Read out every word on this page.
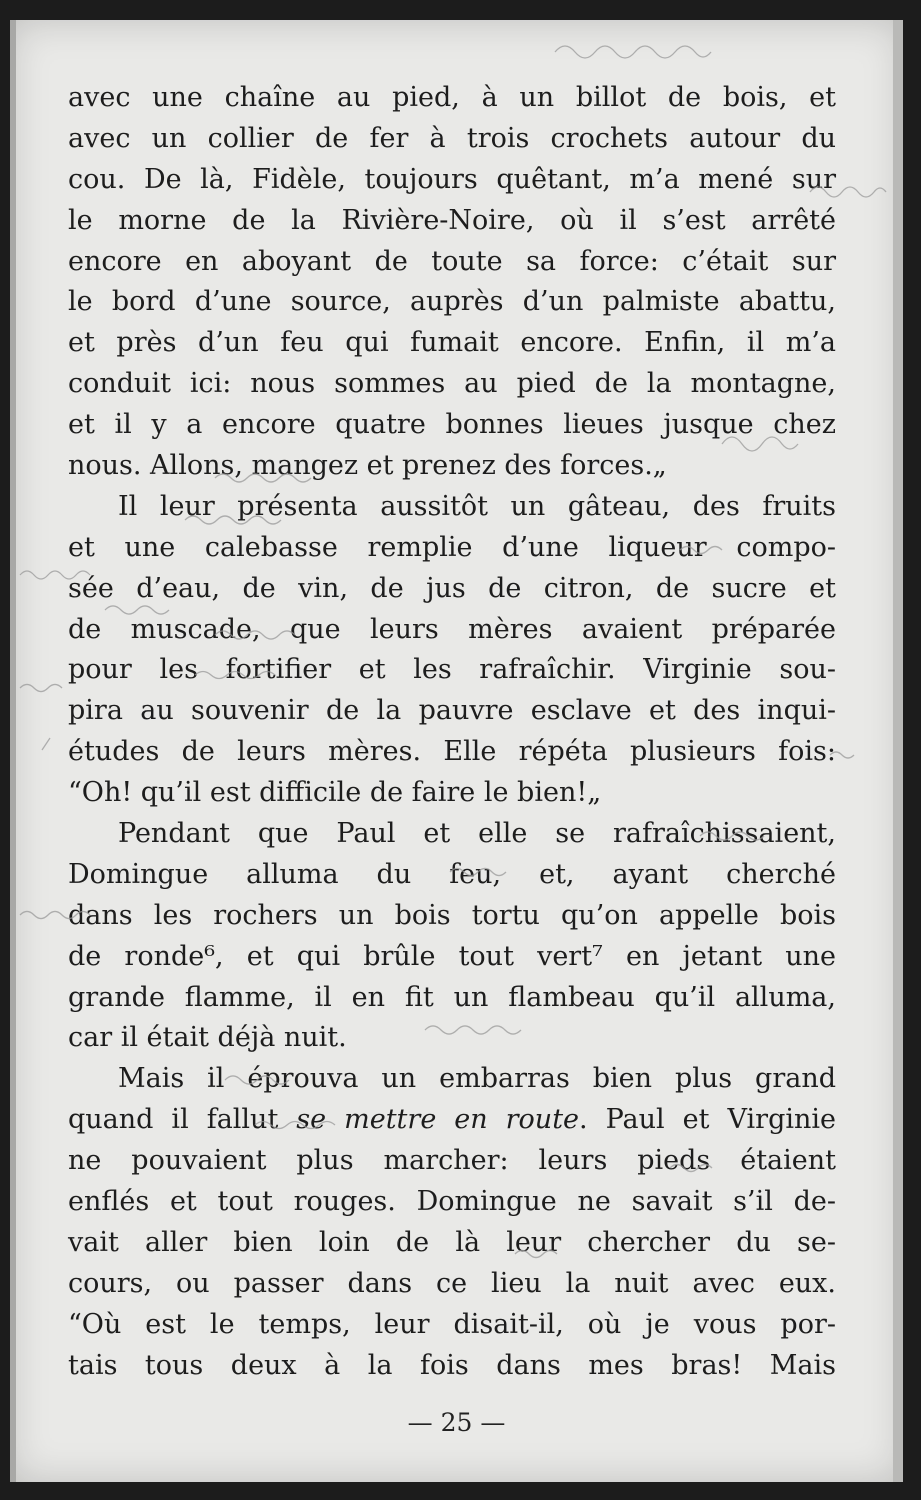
avec une chaîne au pied, à un billot de bois, et
avec un collier de fer à trois crochets autour du
cou. De là, Fidèle, toujours quêtant, m’a mené sur
le morne de la Rivière-Noire, où il s’est arrêté
encore en aboyant de toute sa force: c’était sur
le bord d’une source, auprès d’un palmiste abattu,
et près d’un feu qui fumait encore. Enfin, il m’a
conduit ici: nous sommes au pied de la montagne,
et il y a encore quatre bonnes lieues jusque chez
nous. Allons, mangez et prenez des forces.„
Il leur présenta aussitôt un gâteau, des fruits
et une calebasse remplie d’une liqueur compo-
sée d’eau, de vin, de jus de citron, de sucre et
de muscade, que leurs mères avaient préparée
pour les fortifier et les rafraîchir. Virginie sou-
pira au souvenir de la pauvre esclave et des inqui-
études de leurs mères. Elle répéta plusieurs fois:
“Oh! qu’il est difficile de faire le bien!„
Pendant que Paul et elle se rafraîchissaient,
Domingue alluma du feu, et, ayant cherché
dans les rochers un bois tortu qu’on appelle bois
de ronde⁶, et qui brûle tout vert⁷ en jetant une
grande flamme, il en fit un flambeau qu’il alluma,
car il était déjà nuit.
Mais il éprouva un embarras bien plus grand
quand il fallut se mettre en route. Paul et Virginie
ne pouvaient plus marcher: leurs pieds étaient
enflés et tout rouges. Domingue ne savait s’il de-
vait aller bien loin de là leur chercher du se-
cours, ou passer dans ce lieu la nuit avec eux.
“Où est le temps, leur disait-il, où je vous por-
tais tous deux à la fois dans mes bras! Mais
— 25 —
